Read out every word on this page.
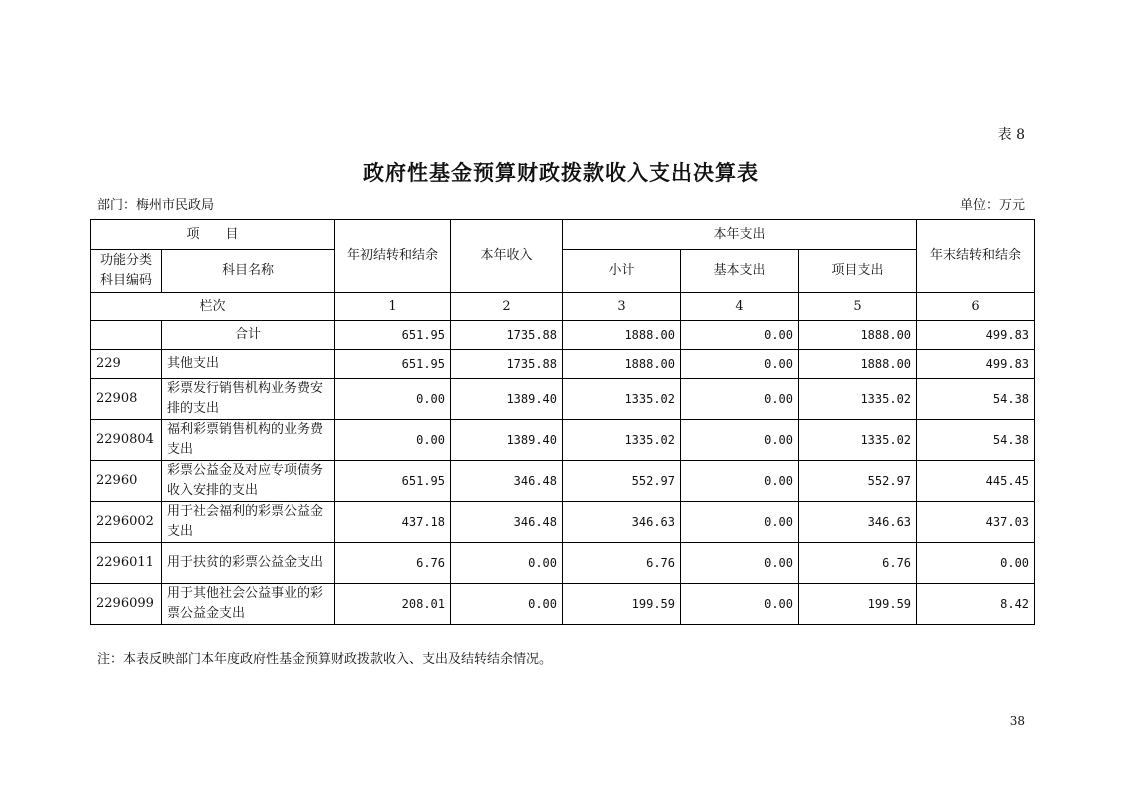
表 8
政府性基金预算财政拨款收入支出决算表
部门：梅州市民政局	单位：万元
项　　目		年初结转和结余	本年收入	本年支出			年末结转和结余
功能分类科目编码	科目名称			小计	基本支出	项目支出	
栏次		1	2	3	4	5	6
	合计	651.95	1735.88	1888.00	0.00	1888.00	499.83
229	其他支出	651.95	1735.88	1888.00	0.00	1888.00	499.83
22908	彩票发行销售机构业务费安排的支出	0.00	1389.40	1335.02	0.00	1335.02	54.38
2290804	福利彩票销售机构的业务费支出	0.00	1389.40	1335.02	0.00	1335.02	54.38
22960	彩票公益金及对应专项债务收入安排的支出	651.95	346.48	552.97	0.00	552.97	445.45
2296002	用于社会福利的彩票公益金支出	437.18	346.48	346.63	0.00	346.63	437.03
2296011	用于扶贫的彩票公益金支出	6.76	0.00	6.76	0.00	6.76	0.00
2296099	用于其他社会公益事业的彩票公益金支出	208.01	0.00	199.59	0.00	199.59	8.42
注：本表反映部门本年度政府性基金预算财政拨款收入、支出及结转结余情况。
38
